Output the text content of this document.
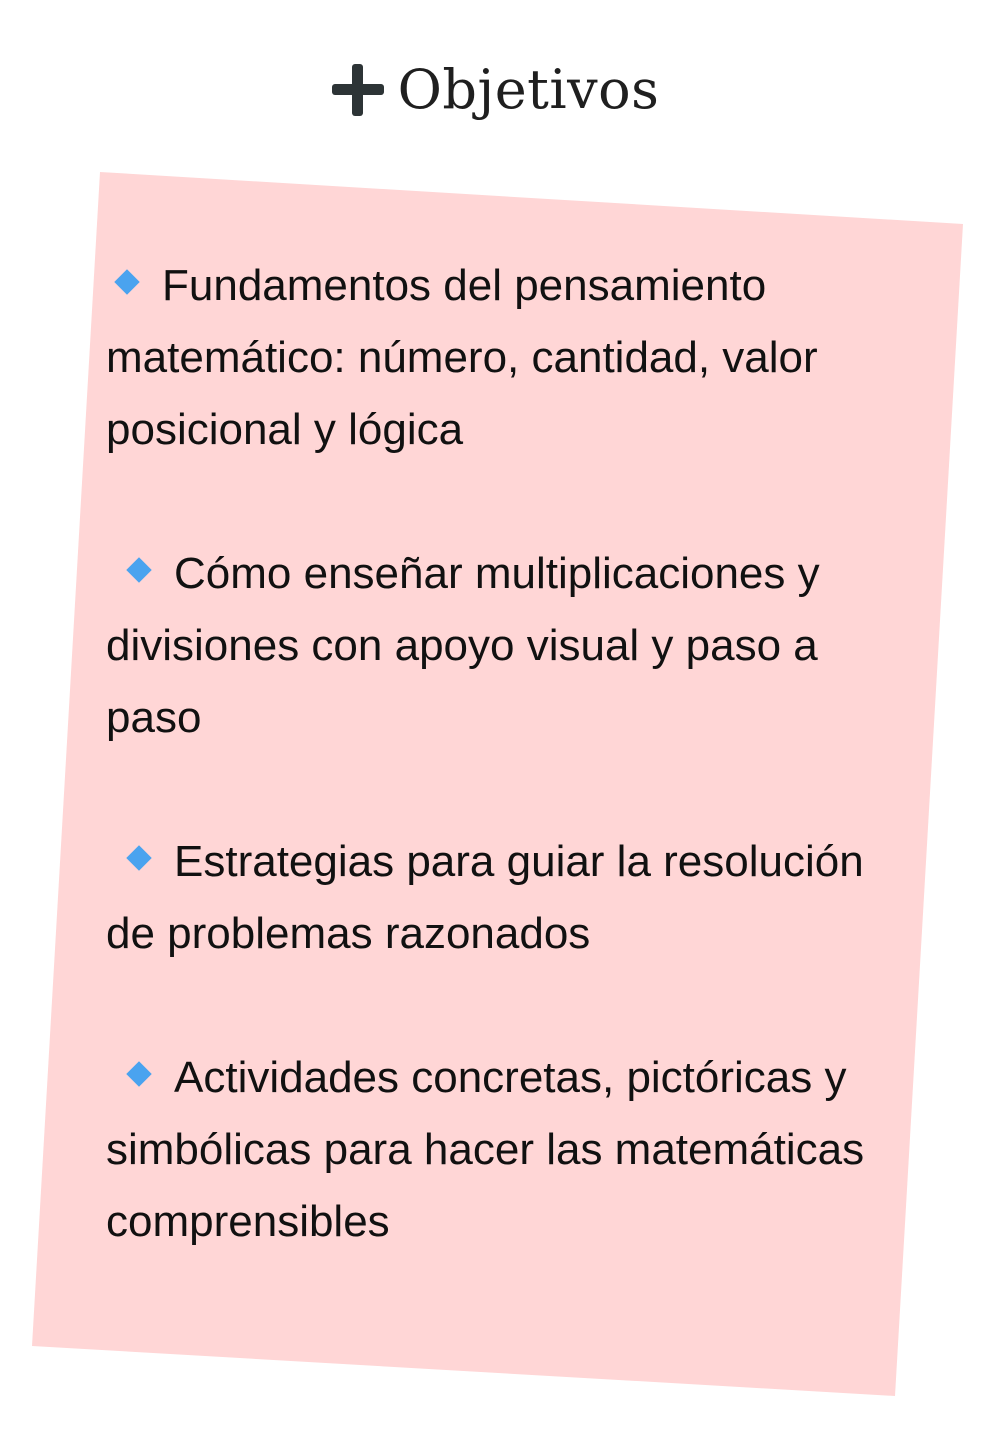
Objetivos
Fundamentos del pensamiento matemático: número, cantidad, valor posicional y lógica
Cómo enseñar multiplicaciones y divisiones con apoyo visual y paso a paso
Estrategias para guiar la resolución de problemas razonados
Actividades concretas, pictóricas y simbólicas para hacer las matemáticas comprensibles
